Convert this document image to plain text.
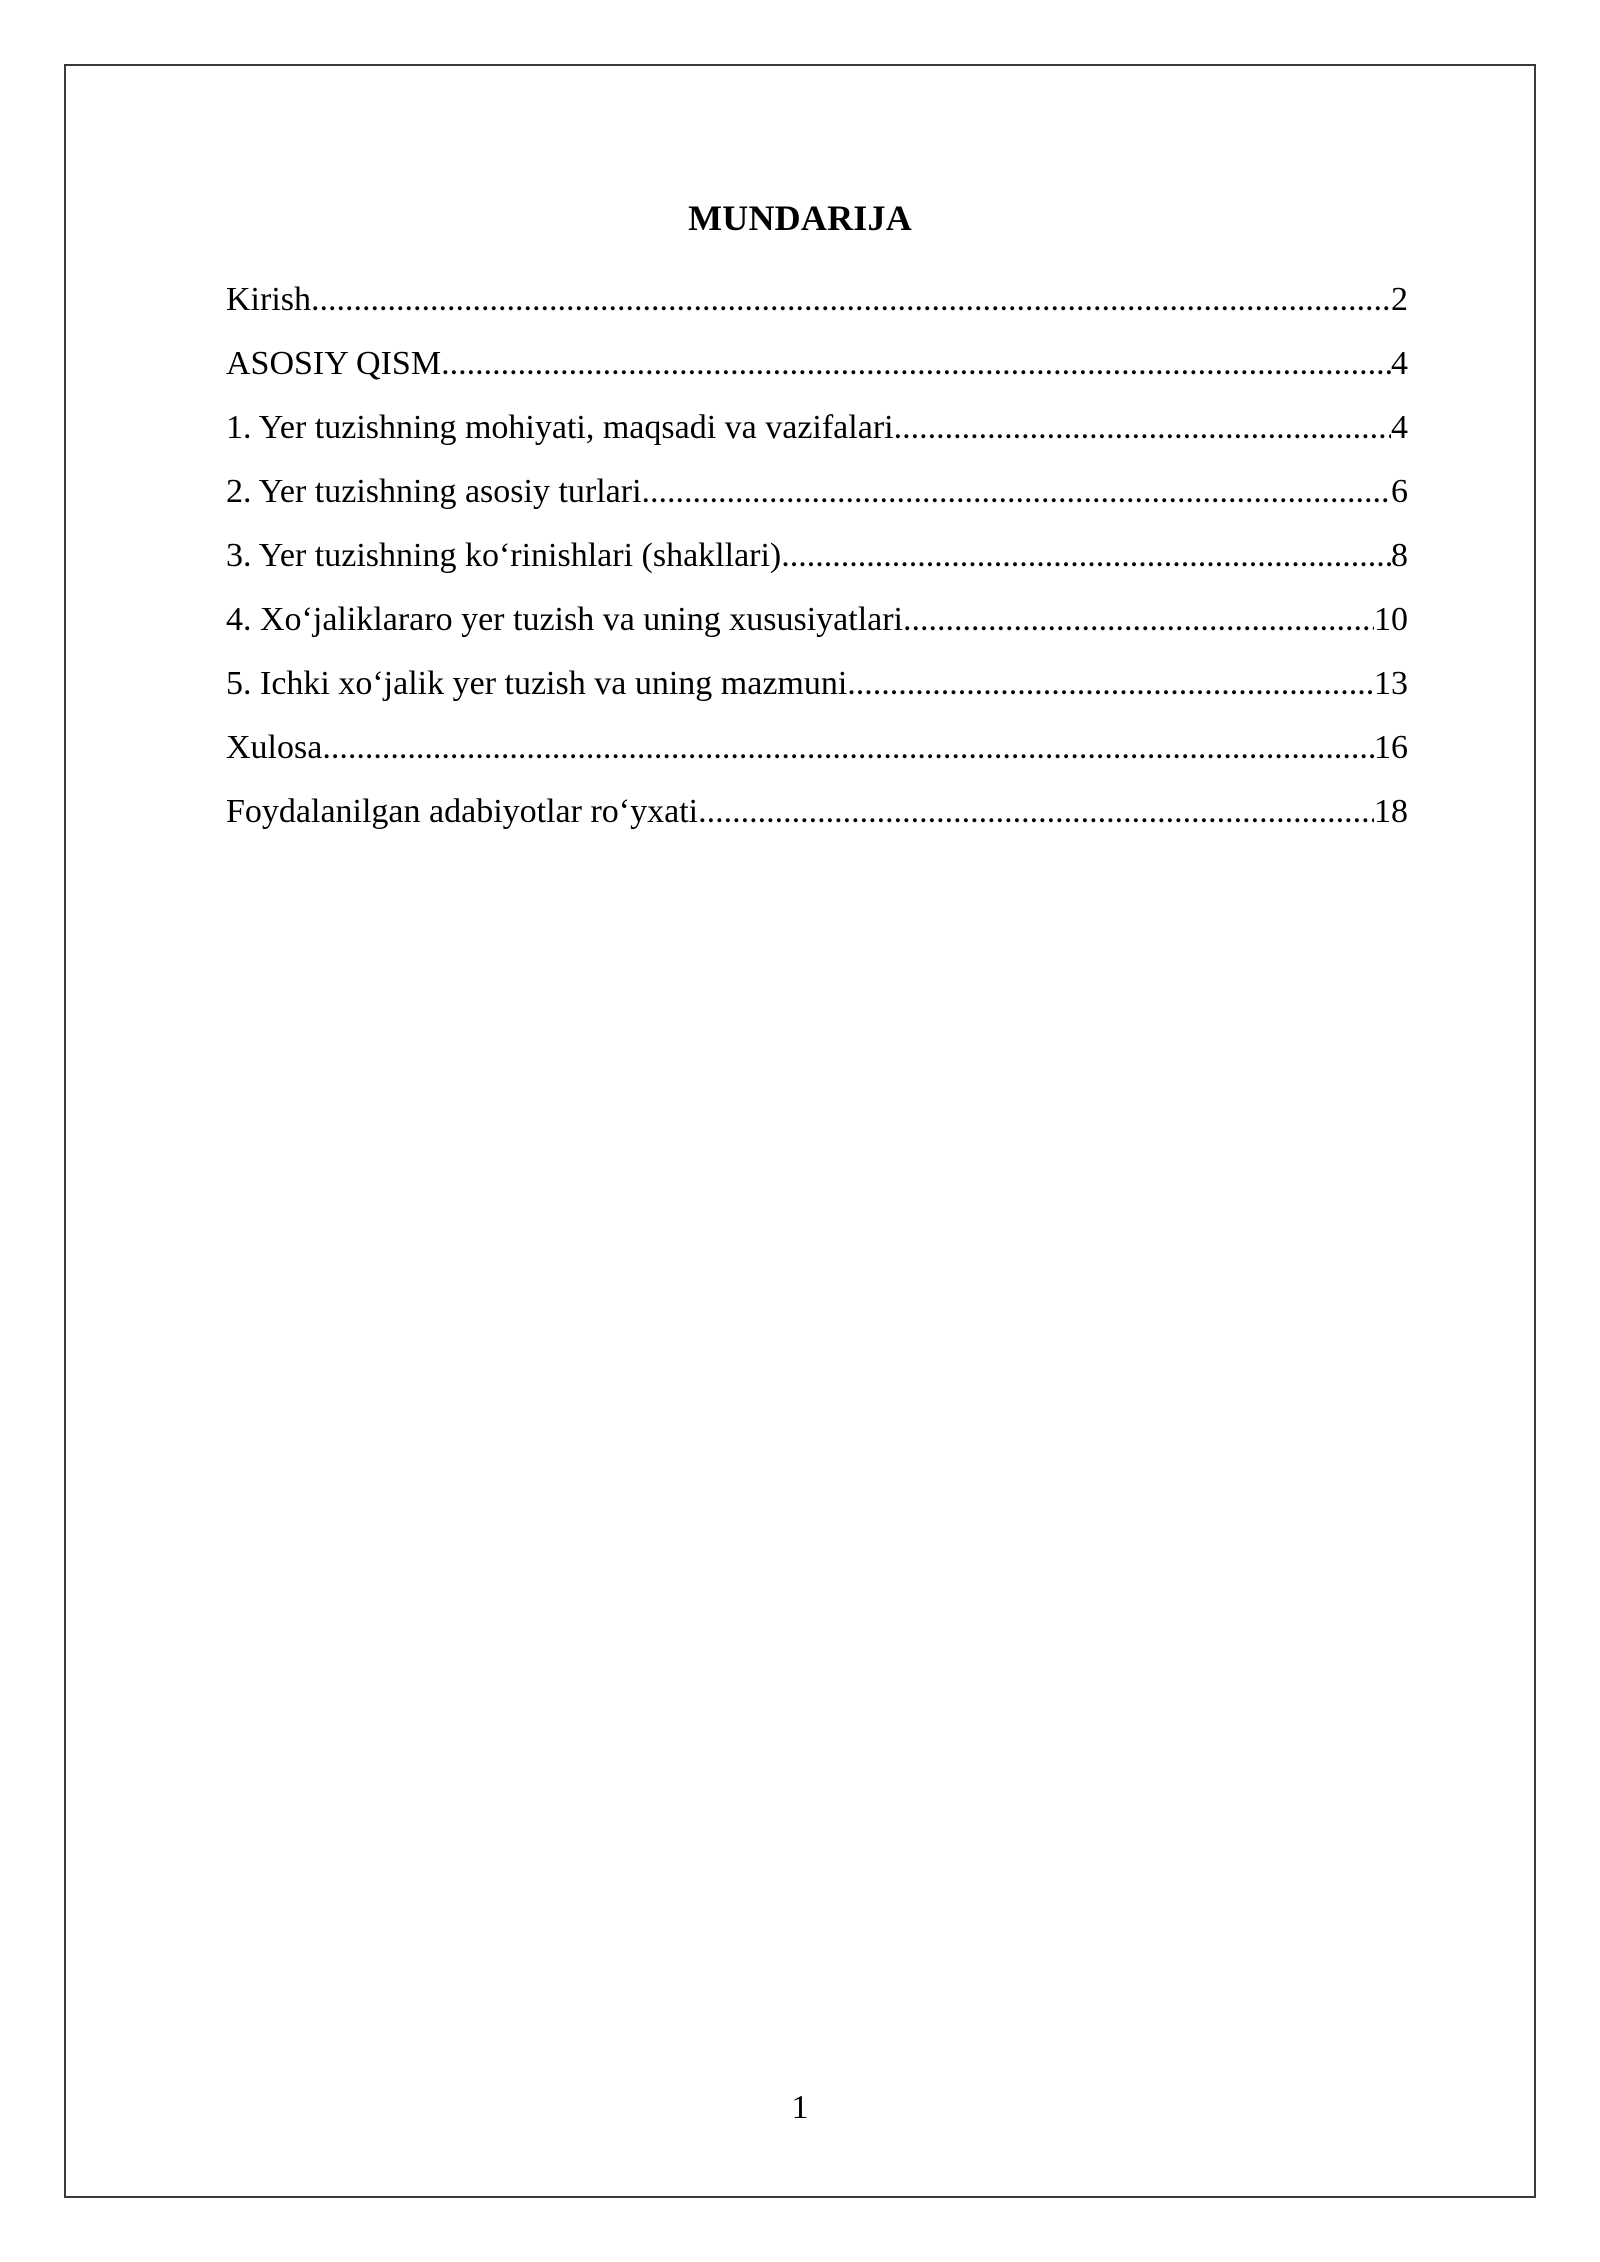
MUNDARIJA
Kirish .....	2
ASOSIY QISM .....	4
1. Yer tuzishning mohiyati, maqsadi va vazifalari .....	4
2. Yer tuzishning asosiy turlari .....	6
3. Yer tuzishning ko‘rinishlari (shakllari) .....	8
4. Xo‘jaliklararo yer tuzish va uning xususiyatlari .....	10
5. Ichki xo‘jalik yer tuzish va uning mazmuni .....	13
Xulosa .....	16
Foydalanilgan adabiyotlar ro‘yxati .....	18
1
